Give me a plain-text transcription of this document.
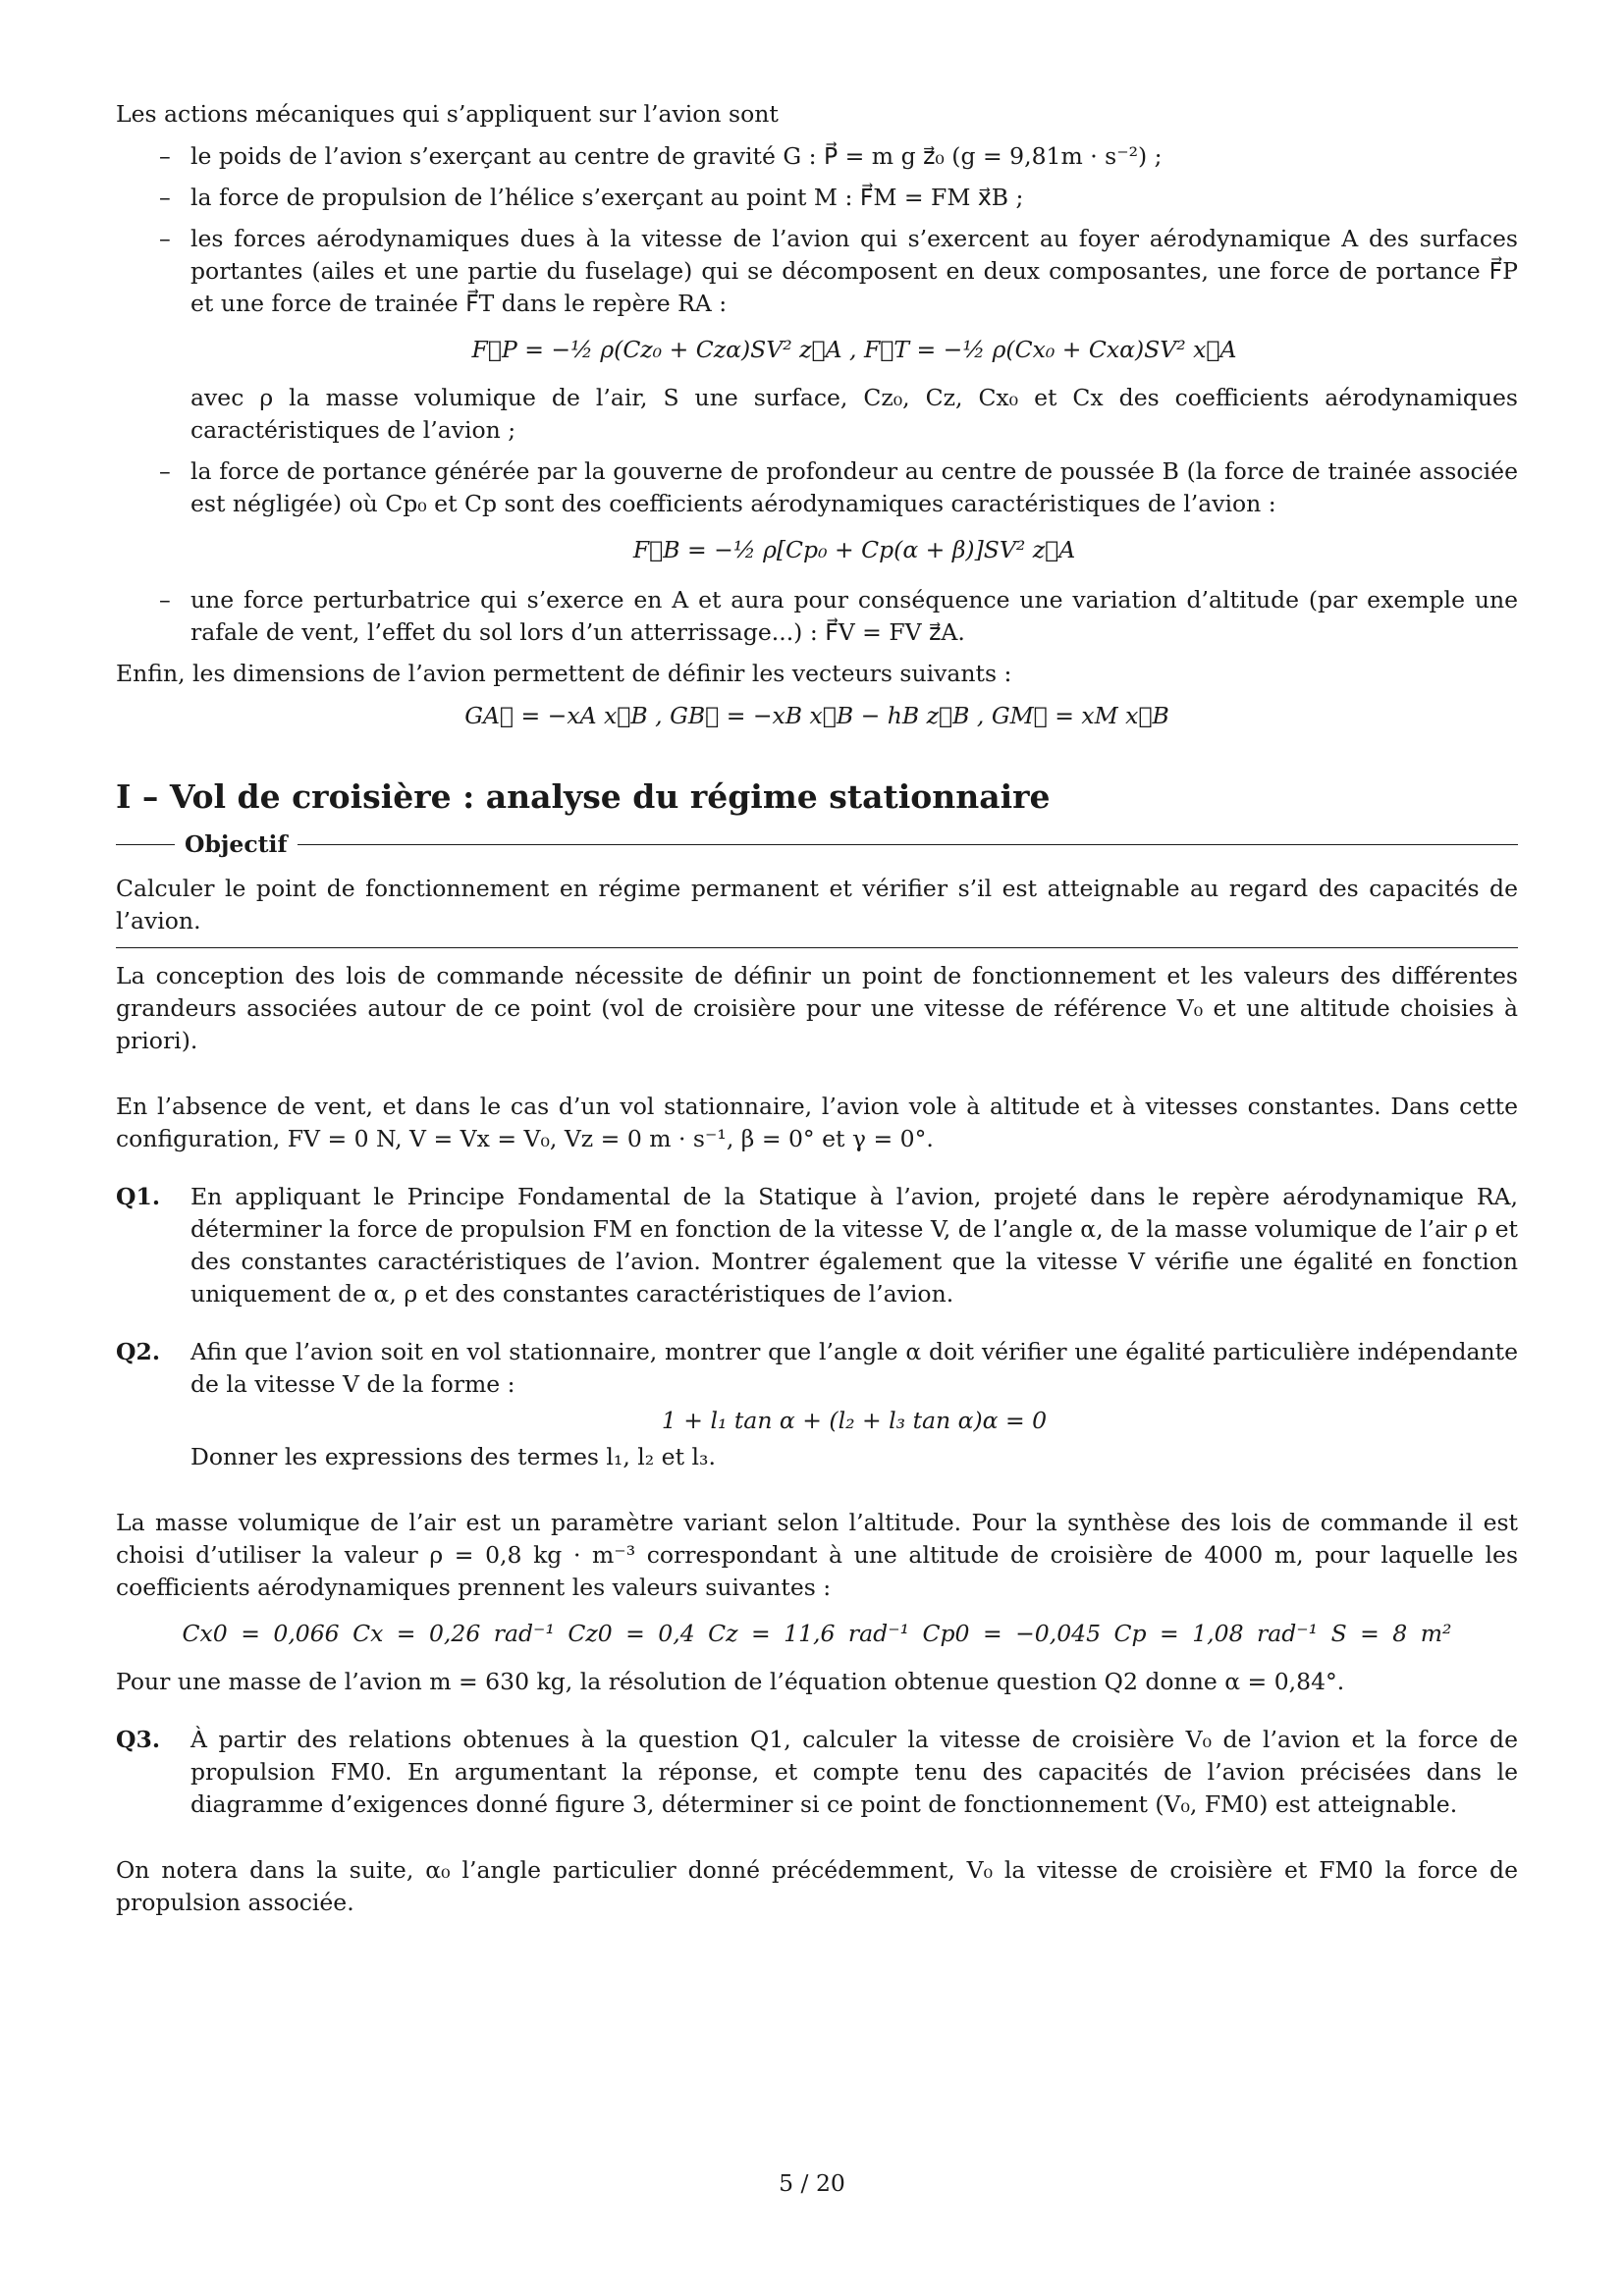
Les actions mécaniques qui s’appliquent sur l’avion sont

– le poids de l’avion s’exerçant au centre de gravité G : P⃗ = m g z⃗₀ (g = 9,81m · s⁻²) ;
– la force de propulsion de l’hélice s’exerçant au point M : F⃗M = FM x⃗B ;
– les forces aérodynamiques dues à la vitesse de l’avion qui s’exercent au foyer aérodynamique A des surfaces portantes (ailes et une partie du fuselage) qui se décomposent en deux composantes, une force de portance F⃗P et une force de trainée F⃗T dans le repère RA :
F⃗P = −½ ρ(Cz₀ + Czα)SV² z⃗A , F⃗T = −½ ρ(Cx₀ + Cxα)SV² x⃗A
avec ρ la masse volumique de l’air, S une surface, Cz₀, Cz, Cx₀ et Cx des coefficients aérodynamiques caractéristiques de l’avion ;
– la force de portance générée par la gouverne de profondeur au centre de poussée B (la force de trainée associée est négligée) où Cp₀ et Cp sont des coefficients aérodynamiques caractéristiques de l’avion :
F⃗B = −½ ρ[Cp₀ + Cp(α + β)]SV² z⃗A
– une force perturbatrice qui s’exerce en A et aura pour conséquence une variation d’altitude (par exemple une rafale de vent, l’effet du sol lors d’un atterrissage...) : F⃗V = FV z⃗A.

Enfin, les dimensions de l’avion permettent de définir les vecteurs suivants :

GA⃗ = −xA x⃗B , GB⃗ = −xB x⃗B − hB z⃗B , GM⃗ = xM x⃗B
I – Vol de croisière : analyse du régime stationnaire
Objectif

Calculer le point de fonctionnement en régime permanent et vérifier s’il est atteignable au regard des capacités de l’avion.

La conception des lois de commande nécessite de définir un point de fonctionnement et les valeurs des différentes grandeurs associées autour de ce point (vol de croisière pour une vitesse de référence V₀ et une altitude choisies à priori).

En l’absence de vent, et dans le cas d’un vol stationnaire, l’avion vole à altitude et à vitesses constantes. Dans cette configuration, FV = 0 N, V = Vx = V₀, Vz = 0 m · s⁻¹, β = 0° et γ = 0°.

Q1.	En appliquant le Principe Fondamental de la Statique à l’avion, projeté dans le repère aérodynamique RA, déterminer la force de propulsion FM en fonction de la vitesse V, de l’angle α, de la masse volumique de l’air ρ et des constantes caractéristiques de l’avion. Montrer également que la vitesse V vérifie une égalité en fonction uniquement de α, ρ et des constantes caractéristiques de l’avion.
Q2.	Afin que l’avion soit en vol stationnaire, montrer que l’angle α doit vérifier une égalité particulière indépendante de la vitesse V de la forme :
1 + l₁ tan α + (l₂ + l₃ tan α)α = 0
Donner les expressions des termes l₁, l₂ et l₃.

La masse volumique de l’air est un paramètre variant selon l’altitude. Pour la synthèse des lois de commande il est choisi d’utiliser la valeur ρ = 0,8 kg · m⁻³ correspondant à une altitude de croisière de 4000 m, pour laquelle les coefficients aérodynamiques prennent les valeurs suivantes :

Cx0 = 0,066 Cx = 0,26 rad⁻¹ Cz0 = 0,4 Cz = 11,6 rad⁻¹ Cp0 = −0,045 Cp = 1,08 rad⁻¹ S = 8 m²

Pour une masse de l’avion m = 630 kg, la résolution de l’équation obtenue question Q2 donne α = 0,84°.

Q3.	À partir des relations obtenues à la question Q1, calculer la vitesse de croisière V₀ de l’avion et la force de propulsion FM0. En argumentant la réponse, et compte tenu des capacités de l’avion précisées dans le diagramme d’exigences donné figure 3, déterminer si ce point de fonctionnement (V₀, FM0) est atteignable.

On notera dans la suite, α₀ l’angle particulier donné précédemment, V₀ la vitesse de croisière et FM0 la force de propulsion associée.

5 / 20
